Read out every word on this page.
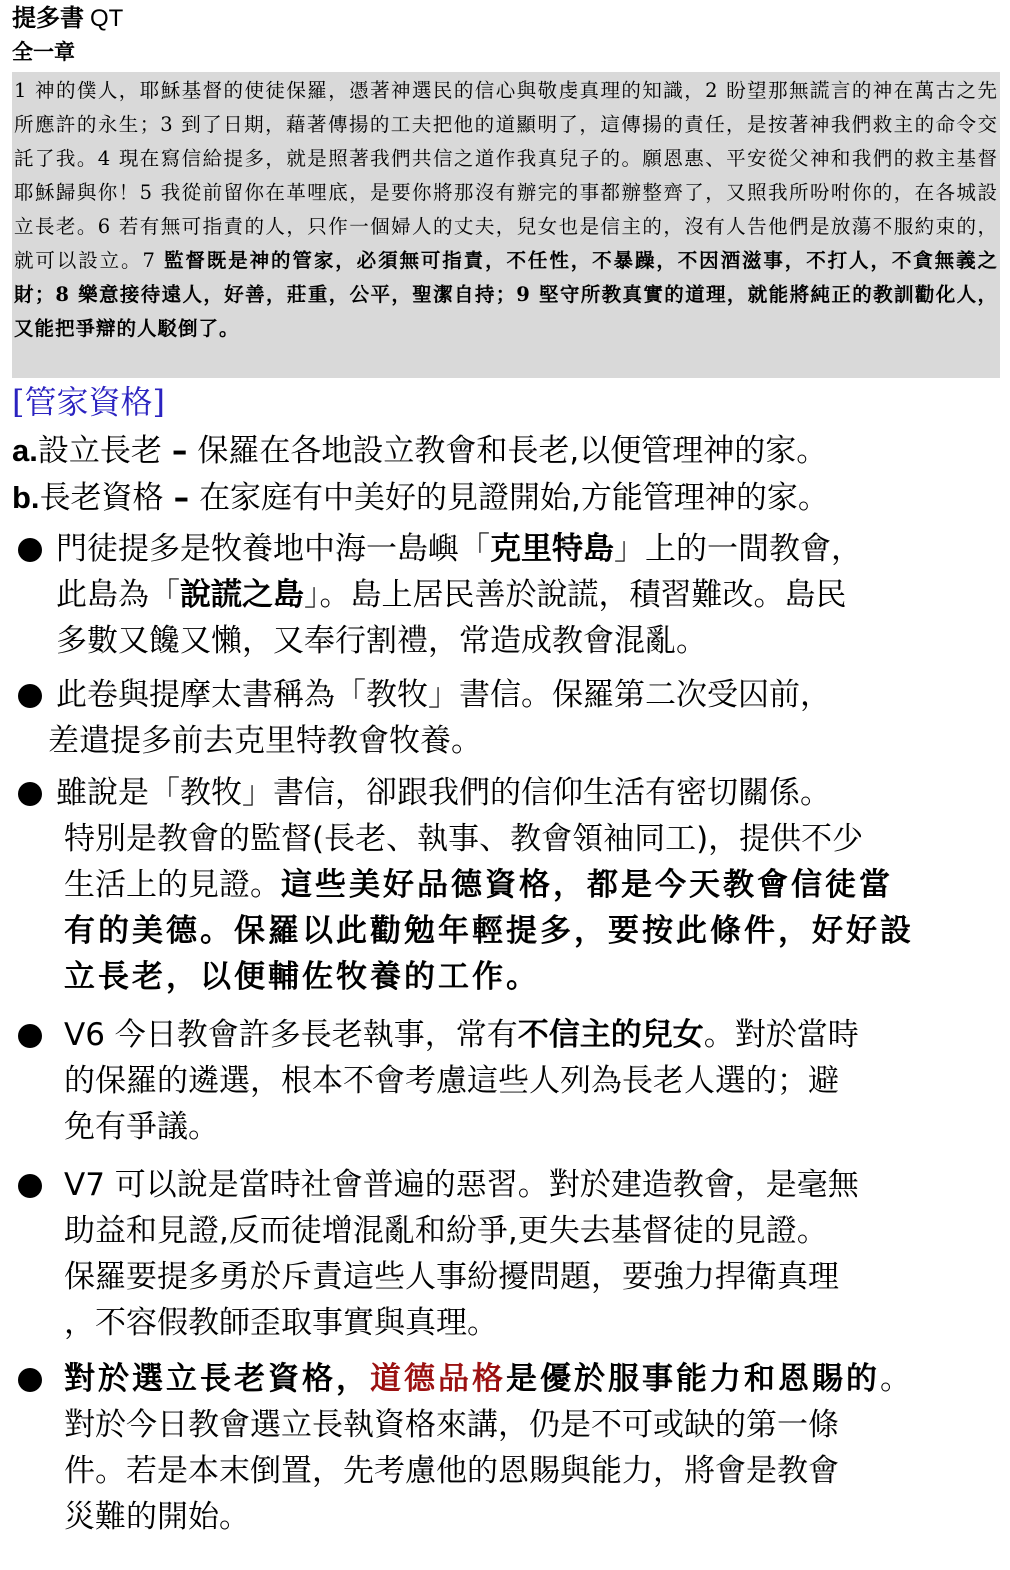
提多書 QT
全一章
1 神的僕人，耶穌基督的使徒保羅，憑著神選民的信心與敬虔真理的知識，2 盼望那無謊言的神在萬古之先所應許的永生；3 到了日期，藉著傳揚的工夫把他的道顯明了，這傳揚的責任，是按著神我們救主的命令交託了我。4 現在寫信給提多，就是照著我們共信之道作我真兒子的。願恩惠、平安從父神和我們的救主基督耶穌歸與你！5 我從前留你在革哩底，是要你將那沒有辦完的事都辦整齊了，又照我所吩咐你的，在各城設立長老。6 若有無可指責的人，只作一個婦人的丈夫，兒女也是信主的，沒有人告他們是放蕩不服約束的，就可以設立。7 監督既是神的管家，必須無可指責，不任性，不暴躁，不因酒滋事，不打人，不貪無義之財；8 樂意接待遠人，好善，莊重，公平，聖潔自持；9 堅守所教真實的道理，就能將純正的教訓勸化人，又能把爭辯的人駁倒了。
[管家資格]
a.設立長老 – 保羅在各地設立教會和長老,以便管理神的家。
b.長老資格 – 在家庭有中美好的見證開始,方能管理神的家。
門徒提多是牧養地中海一島嶼「克里特島」上的一間教會，
此島為「說謊之島」。島上居民善於說謊，積習難改。島民
多數又饞又懶，又奉行割禮，常造成教會混亂。
此卷與提摩太書稱為「教牧」書信。保羅第二次受囚前，
差遣提多前去克里特教會牧養。
雖說是「教牧」書信，卻跟我們的信仰生活有密切關係。
特別是教會的監督(長老、執事、教會領袖同工)，提供不少
生活上的見證。這些美好品德資格，都是今天教會信徒當
有的美德。保羅以此勸勉年輕提多，要按此條件，好好設
立長老，以便輔佐牧養的工作。
V6 今日教會許多長老執事，常有不信主的兒女。對於當時
的保羅的遴選，根本不會考慮這些人列為長老人選的；避
免有爭議。
V7 可以說是當時社會普遍的惡習。對於建造教會，是毫無
助益和見證,反而徒增混亂和紛爭,更失去基督徒的見證。
保羅要提多勇於斥責這些人事紛擾問題，要強力捍衛真理
，不容假教師歪取事實與真理。
對於選立長老資格，道德品格是優於服事能力和恩賜的。
對於今日教會選立長執資格來講，仍是不可或缺的第一條
件。若是本末倒置，先考慮他的恩賜與能力，將會是教會
災難的開始。
